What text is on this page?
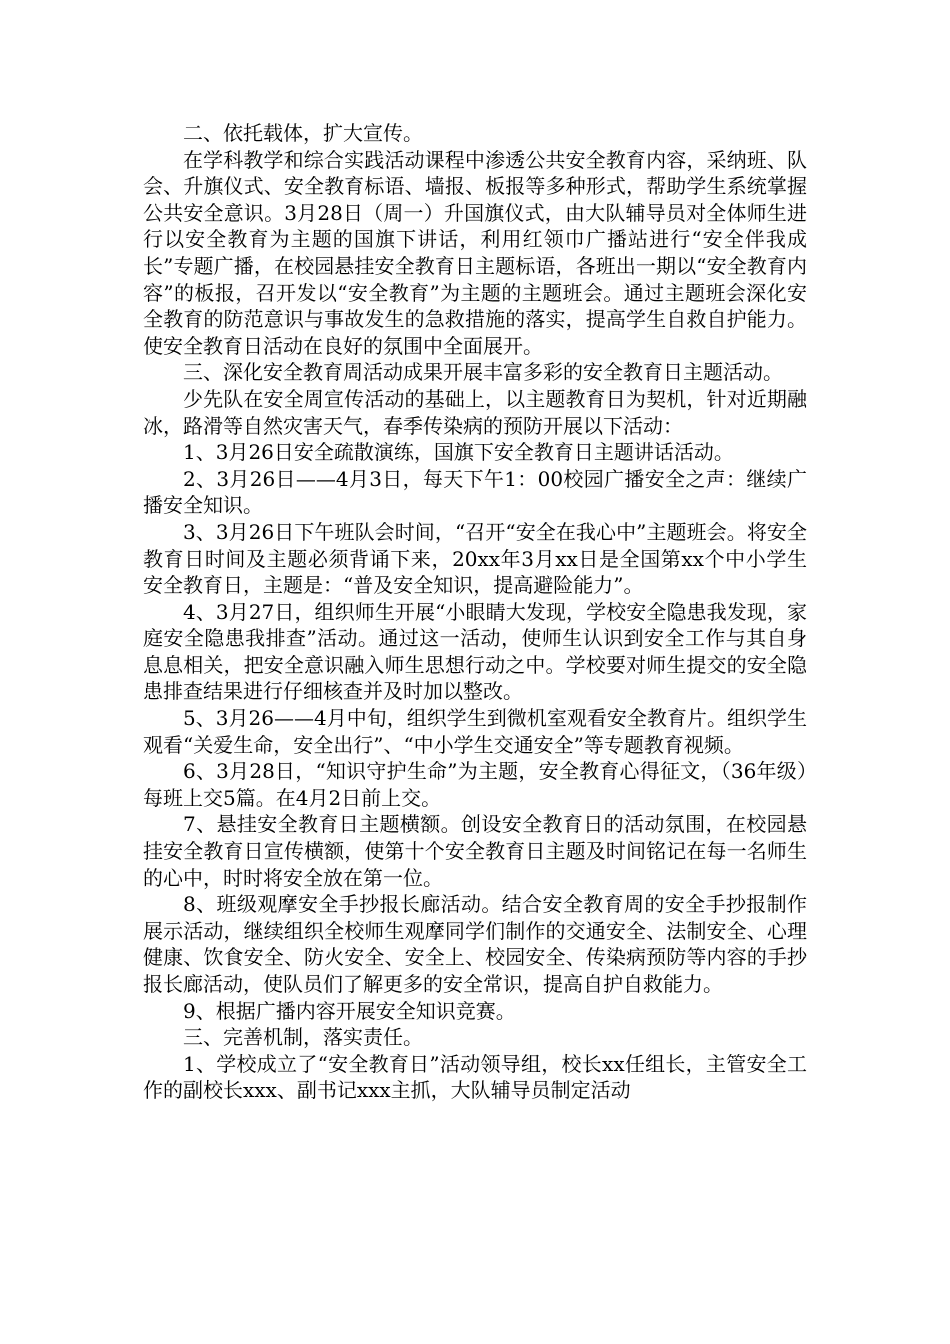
二、依托载体，扩大宣传。

在学科教学和综合实践活动课程中渗透公共安全教育内容，采纳班、队会、升旗仪式、安全教育标语、墙报、板报等多种形式，帮助学生系统掌握公共安全意识。3月28日（周一）升国旗仪式，由大队辅导员对全体师生进行以安全教育为主题的国旗下讲话，利用红领巾广播站进行“安全伴我成长”专题广播，在校园悬挂安全教育日主题标语，各班出一期以“安全教育内容”的板报，召开发以“安全教育”为主题的主题班会。通过主题班会深化安全教育的防范意识与事故发生的急救措施的落实，提高学生自救自护能力。使安全教育日活动在良好的氛围中全面展开。

三、深化安全教育周活动成果开展丰富多彩的安全教育日主题活动。

少先队在安全周宣传活动的基础上，以主题教育日为契机，针对近期融冰，路滑等自然灾害天气，春季传染病的预防开展以下活动：

1、3月26日安全疏散演练，国旗下安全教育日主题讲话活动。

2、3月26日——4月3日，每天下午1：00校园广播安全之声：继续广播安全知识。

3、3月26日下午班队会时间，“召开“安全在我心中”主题班会。将安全教育日时间及主题必须背诵下来，20xx年3月xx日是全国第xx个中小学生安全教育日，主题是：“普及安全知识，提高避险能力”。

4、3月27日，组织师生开展“小眼睛大发现，学校安全隐患我发现，家庭安全隐患我排查”活动。通过这一活动，使师生认识到安全工作与其自身息息相关，把安全意识融入师生思想行动之中。学校要对师生提交的安全隐患排查结果进行仔细核查并及时加以整改。

5、3月26——4月中旬，组织学生到微机室观看安全教育片。组织学生观看“关爱生命，安全出行”、“中小学生交通安全”等专题教育视频。

6、3月28日，“知识守护生命”为主题，安全教育心得征文，（36年级）每班上交5篇。在4月2日前上交。

7、悬挂安全教育日主题横额。创设安全教育日的活动氛围，在校园悬挂安全教育日宣传横额，使第十个安全教育日主题及时间铭记在每一名师生的心中，时时将安全放在第一位。

8、班级观摩安全手抄报长廊活动。结合安全教育周的安全手抄报制作展示活动，继续组织全校师生观摩同学们制作的交通安全、法制安全、心理健康、饮食安全、防火安全、安全上、校园安全、传染病预防等内容的手抄报长廊活动，使队员们了解更多的安全常识，提高自护自救能力。

9、根据广播内容开展安全知识竞赛。

三、完善机制，落实责任。

1、学校成立了“安全教育日”活动领导组，校长xx任组长，主管安全工作的副校长xxx、副书记xxx主抓，大队辅导员制定活动
